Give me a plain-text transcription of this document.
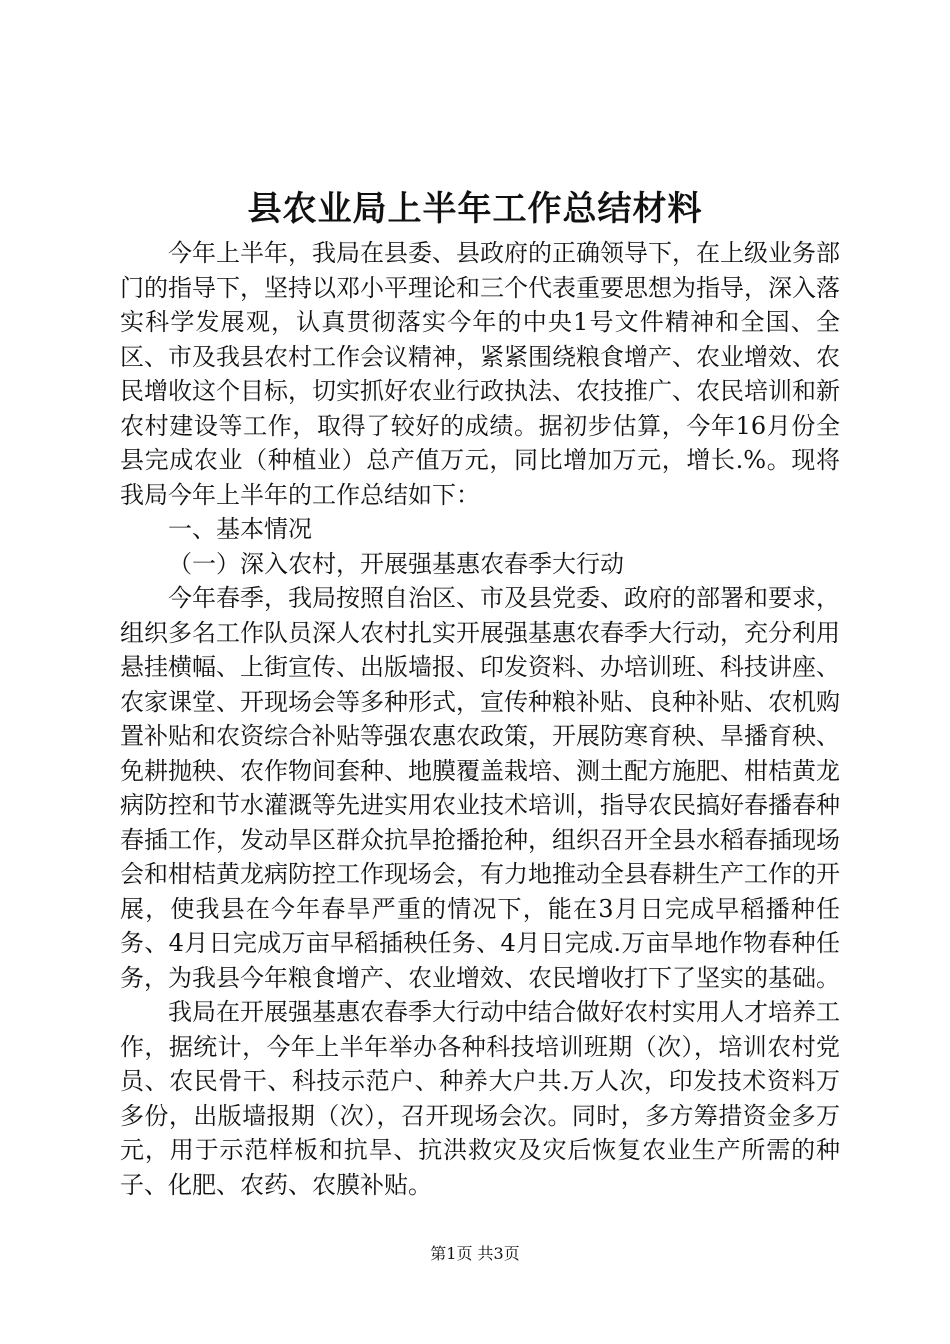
县农业局上半年工作总结材料

今年上半年，我局在县委、县政府的正确领导下，在上级业务部门的指导下，坚持以邓小平理论和三个代表重要思想为指导，深入落实科学发展观，认真贯彻落实今年的中央1号文件精神和全国、全区、市及我县农村工作会议精神，紧紧围绕粮食增产、农业增效、农民增收这个目标，切实抓好农业行政执法、农技推广、农民培训和新农村建设等工作，取得了较好的成绩。据初步估算，今年16月份全县完成农业（种植业）总产值万元，同比增加万元，增长.%。现将我局今年上半年的工作总结如下：

一、基本情况

（一）深入农村，开展强基惠农春季大行动

今年春季，我局按照自治区、市及县党委、政府的部署和要求，组织多名工作队员深人农村扎实开展强基惠农春季大行动，充分利用悬挂横幅、上街宣传、出版墙报、印发资料、办培训班、科技讲座、农家课堂、开现场会等多种形式，宣传种粮补贴、良种补贴、农机购置补贴和农资综合补贴等强农惠农政策，开展防寒育秧、旱播育秧、免耕抛秧、农作物间套种、地膜覆盖栽培、测土配方施肥、柑桔黄龙病防控和节水灌溉等先进实用农业技术培训，指导农民搞好春播春种春插工作，发动旱区群众抗旱抢播抢种，组织召开全县水稻春插现场会和柑桔黄龙病防控工作现场会，有力地推动全县春耕生产工作的开展，使我县在今年春旱严重的情况下，能在3月日完成早稻播种任务、4月日完成万亩早稻插秧任务、4月日完成.万亩旱地作物春种任务，为我县今年粮食增产、农业增效、农民增收打下了坚实的基础。

我局在开展强基惠农春季大行动中结合做好农村实用人才培养工作，据统计，今年上半年举办各种科技培训班期（次），培训农村党员、农民骨干、科技示范户、种养大户共.万人次，印发技术资料万多份，出版墙报期（次），召开现场会次。同时，多方筹措资金多万元，用于示范样板和抗旱、抗洪救灾及灾后恢复农业生产所需的种子、化肥、农药、农膜补贴。

第1页 共3页
